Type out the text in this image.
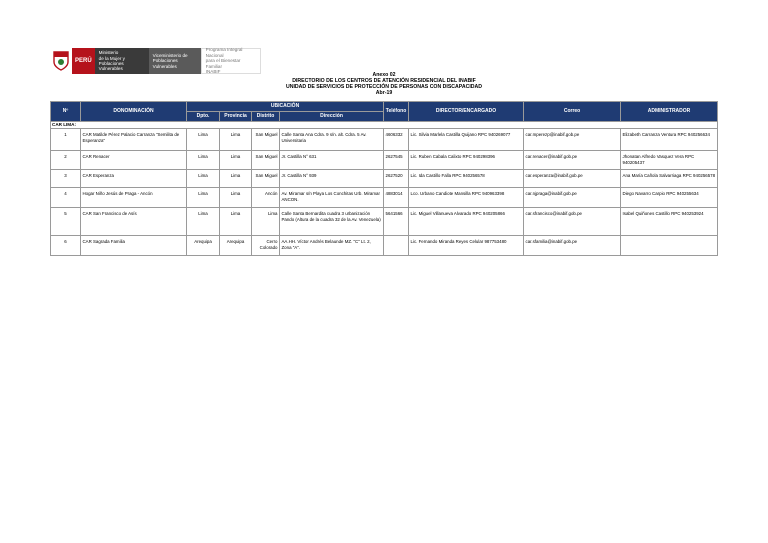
PERÚ
Ministerio
de la Mujer y
Poblaciones Vulnerables
Viceministerio de
Poblaciones Vulnerables
Programa Integral Nacional
para el Bienestar Familiar
INABIF
Anexo 02
DIRECTORIO DE LOS CENTROS DE ATENCIÓN RESIDENCIAL DEL INABIF
UNIDAD DE SERVICIOS DE PROTECCIÓN DE PERSONAS CON DISCAPACIDAD
Abr-19
Nº	DONOMINACIÓN	UBICACIÓN				Teléfono	DIRECTOR/ENCARGADO	Correo	ADMINISTRADOR
		Dpto.	Provincia	Distrito	Dirección				
CAR LIMA:									
1	CAR Matilde Pérez Palacio Carranza "Semilita de Esperanza"	Lima	Lima	San Miguel	Calle Santa Ana Cdra. 9 s/n. alt. Cdra. 5 Av. Universitaria	4606332	Lic. Silvia Marlela Castilla Quijano RPC 940269077	car.mperezp@inabif.gob.pe	Elizabeth Carranza Ventura RPC 940256634
2	CAR Renacer	Lima	Lima	San Miguel	Jr. Castilla N° 631	2627545	Lic. Ruben Cabala Calixto RPC 940298396	car.renacer@inabif.gob.pe	Jhonatan Alfredo Vasquez Vera RPC 940205437
3	CAR Esperanza	Lima	Lima	San Miguel	Jr. Castilla N° 939	2627520	Lic. Ida Castillo Falla RPC 940256578	car.esperanza@inabif.gob.pe	Ana María Cañola Salvarriaga RPC 940256578
4	Hogar Niño Jesús de Praga - Ancón	Lima	Lima	Ancón	Av. Miramar s/n Playa Los Conchitas Urb. Miramar ANCON.	4883014	Lco. Urbano Candiote Mansilla RPC 940963398	car.njpraga@inabif.gob.pe	Diego Navarro Carpio RPC 940255634
5	CAR San Francisco de Asís	Lima	Lima	Lima	Calle Santa Bernardita cuadra 3 urbanización Pando (Altura de la cuadra 32 de la Av. Venezuela)	5641566	Lic. Miguel Villanueva Alvarado RPC 940205866	car.sfrancisco@inabif.gob.pe	Isabel Quiñones Castillo RPC 940253924
6	CAR Sagrada Familia	Arequipa	Arequipa	Cerro Colorado	AA.HH. Víctor Andrés Belaunde MZ. "C" Lt. 2, Zona "A".		Lic. Fernando Miranda Reyes Celular 987753480	car.sfamilia@inabif.gob.pe	
